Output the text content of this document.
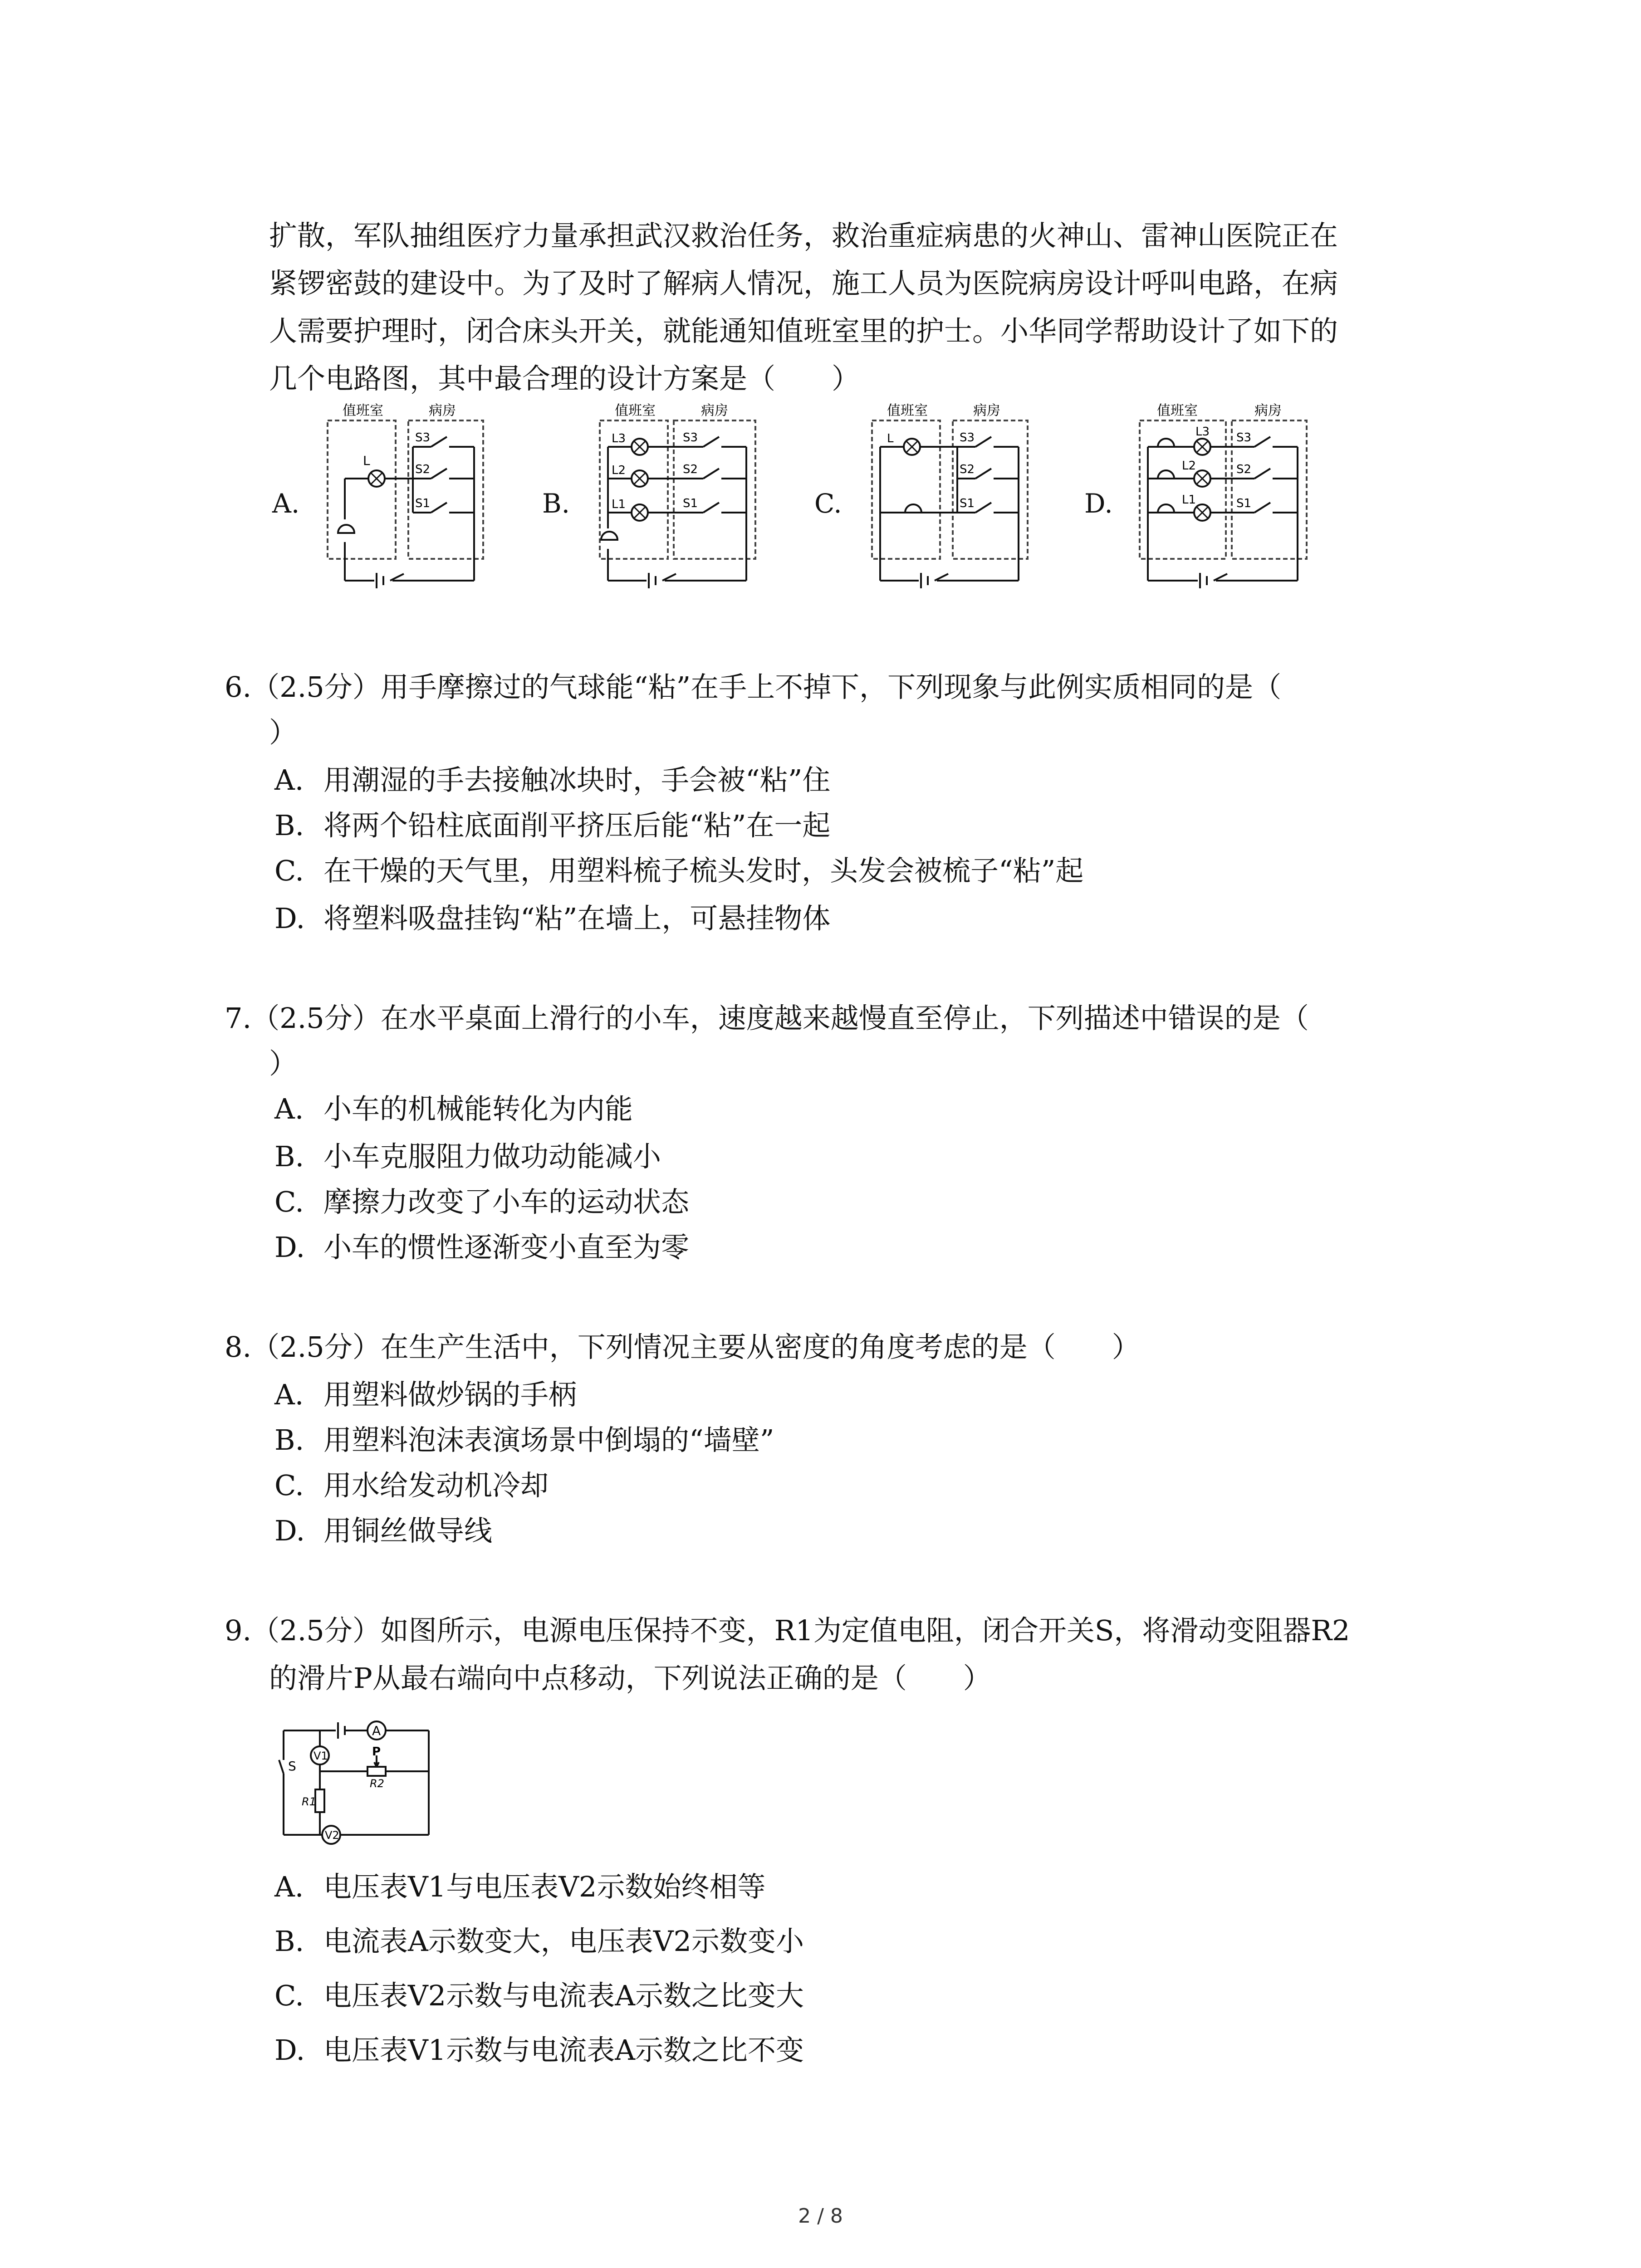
扩散，军队抽组医疗力量承担武汉救治任务，救治重症病患的火神山、雷神山医院正在
紧锣密鼓的建设中。为了及时了解病人情况，施工人员为医院病房设计呼叫电路，在病
人需要护理时，闭合床头开关，就能通知值班室里的护士。小华同学帮助设计了如下的
几个电路图，其中最合理的设计方案是（　　）
A.	B.	C.	D.
值班室	病房
L
S3
S2
S1
值班室	病房
L3
L2
L1
S3
S2
S1
值班室	病房
L	S3
S2
S1
值班室	病房
L3
L2
L1
S3
S2
S1
6.（2.5分）用手摩擦过的气球能“粘”在手上不掉下，下列现象与此例实质相同的是（
）
A. 用潮湿的手去接触冰块时，手会被“粘”住
B. 将两个铅柱底面削平挤压后能“粘”在一起
C. 在干燥的天气里，用塑料梳子梳头发时，头发会被梳子“粘”起
D. 将塑料吸盘挂钩“粘”在墙上，可悬挂物体
7.（2.5分）在水平桌面上滑行的小车，速度越来越慢直至停止，下列描述中错误的是（
）
A. 小车的机械能转化为内能
B. 小车克服阻力做功动能减小
C. 摩擦力改变了小车的运动状态
D. 小车的惯性逐渐变小直至为零
8.（2.5分）在生产生活中，下列情况主要从密度的角度考虑的是（　　）
A. 用塑料做炒锅的手柄
B. 用塑料泡沫表演场景中倒塌的“墙壁”
C. 用水给发动机冷却
D. 用铜丝做导线
9.（2.5分）如图所示，电源电压保持不变，R1为定值电阻，闭合开关S，将滑动变阻器R2
的滑片P从最右端向中点移动，下列说法正确的是（　　）
A
V1
V2
S
P
R1
R2
A. 电压表V1与电压表V2示数始终相等
B. 电流表A示数变大，电压表V2示数变小
C. 电压表V2示数与电流表A示数之比变大
D. 电压表V1示数与电流表A示数之比不变
2 / 8
